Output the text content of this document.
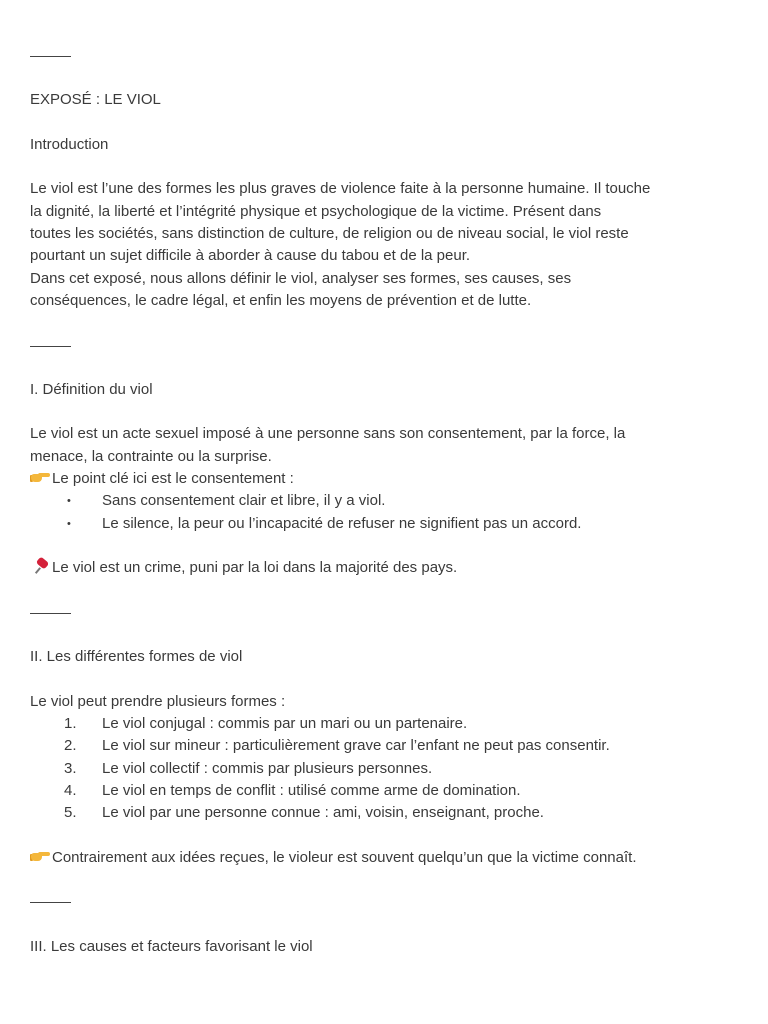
EXPOSÉ : LE VIOL

Introduction

Le viol est l’une des formes les plus graves de violence faite à la personne humaine. Il touche

la dignité, la liberté et l’intégrité physique et psychologique de la victime. Présent dans

toutes les sociétés, sans distinction de culture, de religion ou de niveau social, le viol reste

pourtant un sujet difficile à aborder à cause du tabou et de la peur.

Dans cet exposé, nous allons définir le viol, analyser ses formes, ses causes, ses

conséquences, le cadre légal, et enfin les moyens de prévention et de lutte.

I. Définition du viol

Le viol est un acte sexuel imposé à une personne sans son consentement, par la force, la

menace, la contrainte ou la surprise.

Le point clé ici est le consentement :

•	Sans consentement clair et libre, il y a viol.
•	Le silence, la peur ou l’incapacité de refuser ne signifient pas un accord.

Le viol est un crime, puni par la loi dans la majorité des pays.

II. Les différentes formes de viol

Le viol peut prendre plusieurs formes :

1.	Le viol conjugal : commis par un mari ou un partenaire.
2.	Le viol sur mineur : particulièrement grave car l’enfant ne peut pas consentir.
3.	Le viol collectif : commis par plusieurs personnes.
4.	Le viol en temps de conflit : utilisé comme arme de domination.
5.	Le viol par une personne connue : ami, voisin, enseignant, proche.

Contrairement aux idées reçues, le violeur est souvent quelqu’un que la victime connaît.

III. Les causes et facteurs favorisant le viol
